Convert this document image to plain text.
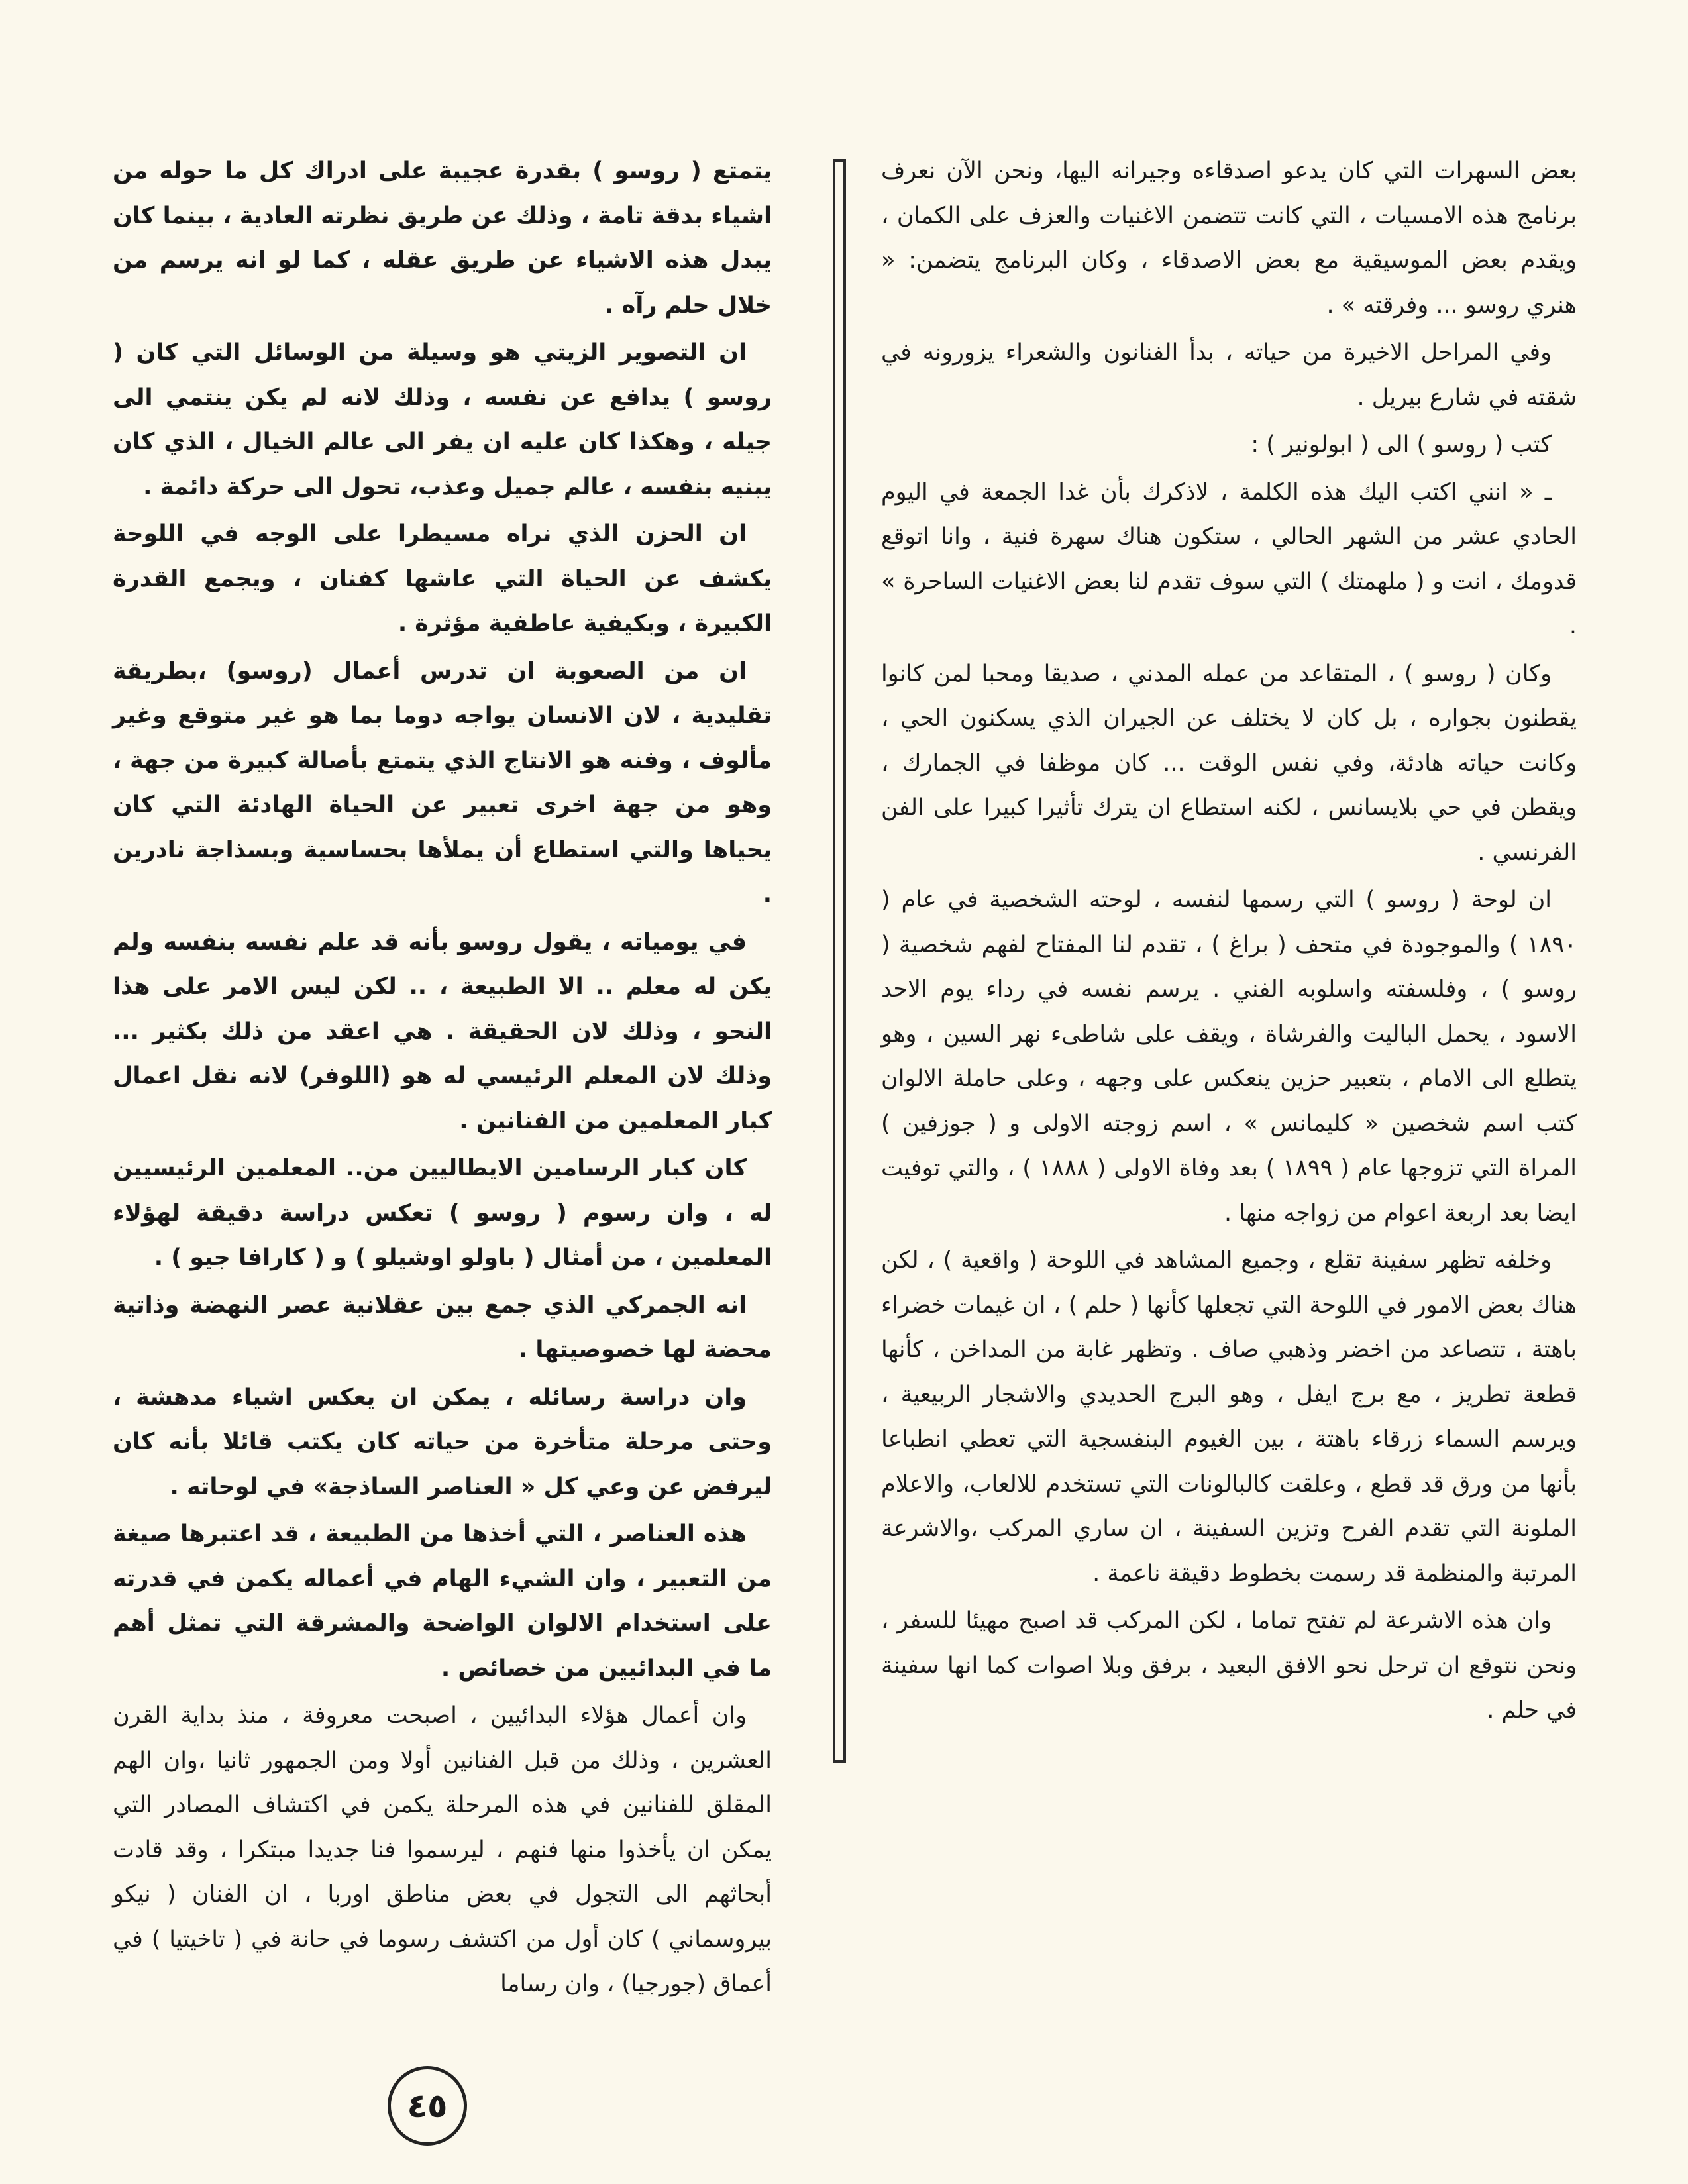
بعض السهرات التي كان يدعو اصدقاءه وجيرانه اليها، ونحن الآن نعرف برنامج هذه الامسيات ، التي كانت تتضمن الاغنيات والعزف على الكمان ، ويقدم بعض الموسيقية مع بعض الاصدقاء ، وكان البرنامج يتضمن: « هنري روسو ... وفرقته » .

وفي المراحل الاخيرة من حياته ، بدأ الفنانون والشعراء يزورونه في شقته في شارع بيريل .

كتب ( روسو ) الى ( ابولونير ) :

ـ « انني اكتب اليك هذه الكلمة ، لاذكرك بأن غدا الجمعة في اليوم الحادي عشر من الشهر الحالي ، ستكون هناك سهرة فنية ، وانا اتوقع قدومك ، انت و ( ملهمتك ) التي سوف تقدم لنا بعض الاغنيات الساحرة » .

وكان ( روسو ) ، المتقاعد من عمله المدني ، صديقا ومحبا لمن كانوا يقطنون بجواره ، بل كان لا يختلف عن الجيران الذي يسكنون الحي ، وكانت حياته هادئة، وفي نفس الوقت ... كان موظفا في الجمارك ، ويقطن في حي بلايسانس ، لكنه استطاع ان يترك تأثيرا كبيرا على الفن الفرنسي .

ان لوحة ( روسو ) التي رسمها لنفسه ، لوحته الشخصية في عام ( ١٨٩٠ ) والموجودة في متحف ( براغ ) ، تقدم لنا المفتاح لفهم شخصية ( روسو ) ، وفلسفته واسلوبه الفني . يرسم نفسه في رداء يوم الاحد الاسود ، يحمل الباليت والفرشاة ، ويقف على شاطىء نهر السين ، وهو يتطلع الى الامام ، بتعبير حزين ينعكس على وجهه ، وعلى حاملة الالوان كتب اسم شخصين « كليمانس » ، اسم زوجته الاولى و ( جوزفين ) المراة التي تزوجها عام ( ١٨٩٩ ) بعد وفاة الاولى ( ١٨٨٨ ) ، والتي توفيت ايضا بعد اربعة اعوام من زواجه منها .

وخلفه تظهر سفينة تقلع ، وجميع المشاهد في اللوحة ( واقعية ) ، لكن هناك بعض الامور في اللوحة التي تجعلها كأنها ( حلم ) ، ان غيمات خضراء باهتة ، تتصاعد من اخضر وذهبي صاف . وتظهر غابة من المداخن ، كأنها قطعة تطريز ، مع برج ايفل ، وهو البرج الحديدي والاشجار الربيعية ، ويرسم السماء زرقاء باهتة ، بين الغيوم البنفسجية التي تعطي انطباعا بأنها من ورق قد قطع ، وعلقت كالبالونات التي تستخدم للالعاب، والاعلام الملونة التي تقدم الفرح وتزين السفينة ، ان ساري المركب ،والاشرعة المرتبة والمنظمة قد رسمت بخطوط دقيقة ناعمة .

وان هذه الاشرعة لم تفتح تماما ، لكن المركب قد اصبح مهيئا للسفر ، ونحن نتوقع ان ترحل نحو الافق البعيد ، برفق وبلا اصوات كما انها سفينة في حلم .

يتمتع ( روسو ) بقدرة عجيبة على ادراك كل ما حوله من اشياء بدقة تامة ، وذلك عن طريق نظرته العادية ، بينما كان يبدل هذه الاشياء عن طريق عقله ، كما لو انه يرسم من خلال حلم رآه .

ان التصوير الزيتي هو وسيلة من الوسائل التي كان ( روسو ) يدافع عن نفسه ، وذلك لانه لم يكن ينتمي الى جيله ، وهكذا كان عليه ان يفر الى عالم الخيال ، الذي كان يبنيه بنفسه ، عالم جميل وعذب، تحول الى حركة دائمة .

ان الحزن الذي نراه مسيطرا على الوجه في اللوحة يكشف عن الحياة التي عاشها كفنان ، ويجمع القدرة الكبيرة ، وبكيفية عاطفية مؤثرة .

ان من الصعوبة ان تدرس أعمال (روسو) ،بطريقة تقليدية ، لان الانسان يواجه دوما بما هو غير متوقع وغير مألوف ، وفنه هو الانتاج الذي يتمتع بأصالة كبيرة من جهة ، وهو من جهة اخرى تعبير عن الحياة الهادئة التي كان يحياها والتي استطاع أن يملأها بحساسية وبسذاجة نادرين .

في يومياته ، يقول روسو بأنه قد علم نفسه بنفسه ولم يكن له معلم .. الا الطبيعة ، .. لكن ليس الامر على هذا النحو ، وذلك لان الحقيقة . هي اعقد من ذلك بكثير ... وذلك لان المعلم الرئيسي له هو (اللوفر) لانه نقل اعمال كبار المعلمين من الفنانين .

كان كبار الرسامين الايطاليين من.. المعلمين الرئيسيين له ، وان رسوم ( روسو ) تعكس دراسة دقيقة لهؤلاء المعلمين ، من أمثال ( باولو اوشيلو ) و ( كارافا جيو ) .

انه الجمركي الذي جمع بين عقلانية عصر النهضة وذاتية محضة لها خصوصيتها .

وان دراسة رسائله ، يمكن ان يعكس اشياء مدهشة ، وحتى مرحلة متأخرة من حياته كان يكتب قائلا بأنه كان ليرفض عن وعي كل « العناصر الساذجة» في لوحاته .

هذه العناصر ، التي أخذها من الطبيعة ، قد اعتبرها صيغة من التعبير ، وان الشيء الهام في أعماله يكمن في قدرته على استخدام الالوان الواضحة والمشرقة التي تمثل أهم ما في البدائيين من خصائص .

وان أعمال هؤلاء البدائيين ، اصبحت معروفة ، منذ بداية القرن العشرين ، وذلك من قبل الفنانين أولا ومن الجمهور ثانيا ،وان الهم المقلق للفنانين في هذه المرحلة يكمن في اكتشاف المصادر التي يمكن ان يأخذوا منها فنهم ، ليرسموا فنا جديدا مبتكرا ، وقد قادت أبحاثهم الى التجول في بعض مناطق اوربا ، ان الفنان ( نيكو بيروسماني ) كان أول من اكتشف رسوما في حانة في ( تاخيتيا ) في أعماق (جورجيا) ، وان رساما

٤٥
